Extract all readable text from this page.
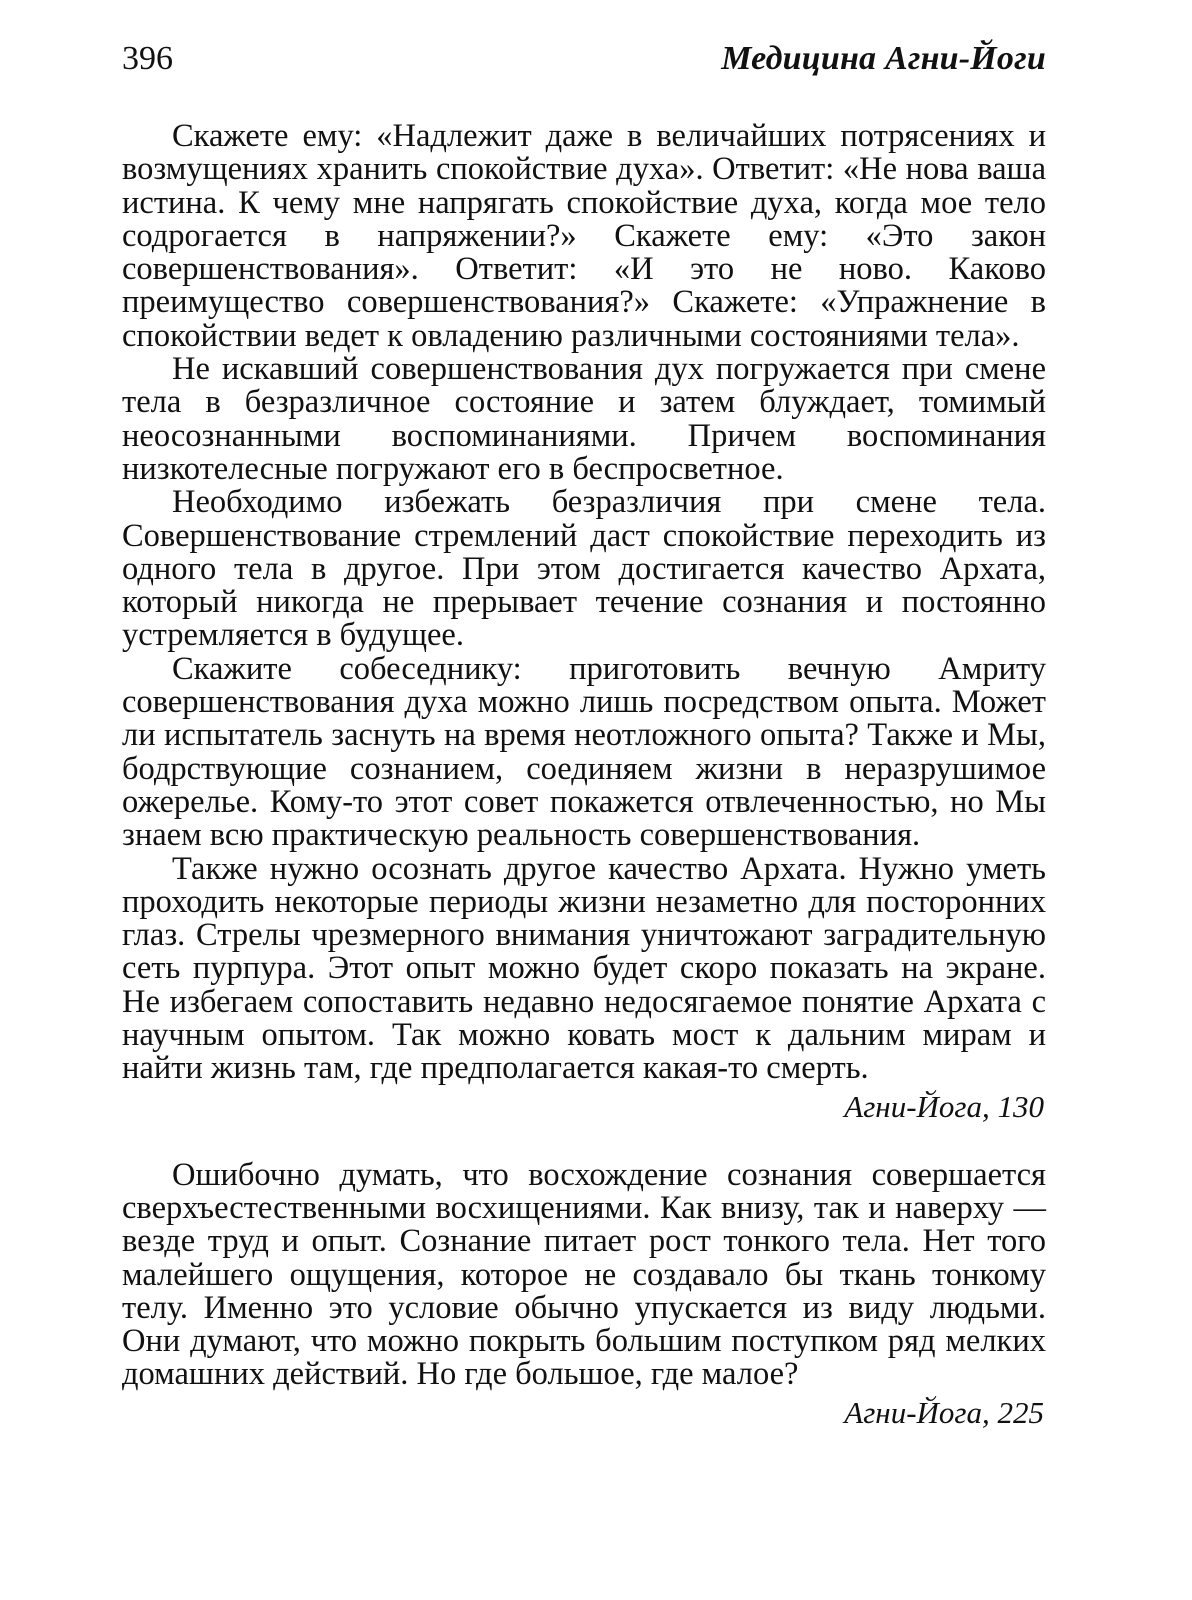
396	Медицина Агни-Йоги

Скажете ему: «Надлежит даже в величайших потрясениях и возмущениях хранить спокойствие духа». Ответит: «Не нова ваша истина. К чему мне напрягать спокойствие духа, когда мое тело содрогается в напряжении?» Скажете ему: «Это закон совершенствования». Ответит: «И это не ново. Каково преимущество совершенствования?» Скажете: «Упражнение в спокойствии ведет к овладению различными состояниями тела».

Не искавший совершенствования дух погружается при смене тела в безразличное состояние и затем блуждает, томимый неосознанными воспоминаниями. Причем воспоминания низкотелесные погружают его в беспросветное.

Необходимо избежать безразличия при смене тела. Совершенствование стремлений даст спокойствие переходить из одного тела в другое. При этом достигается качество Архата, который никогда не прерывает течение сознания и постоянно устремляется в будущее.

Скажите собеседнику: приготовить вечную Амриту совершенствования духа можно лишь посредством опыта. Может ли испытатель заснуть на время неотложного опыта? Также и Мы, бодрствующие сознанием, соединяем жизни в неразрушимое ожерелье. Кому-то этот совет покажется отвлеченностью, но Мы знаем всю практическую реальность совершенствования.

Также нужно осознать другое качество Архата. Нужно уметь проходить некоторые периоды жизни незаметно для посторонних глаз. Стрелы чрезмерного внимания уничтожают заградительную сеть пурпура. Этот опыт можно будет скоро показать на экране. Не избегаем сопоставить недавно недосягаемое понятие Архата с научным опытом. Так можно ковать мост к дальним мирам и найти жизнь там, где предполагается какая-то смерть.

Агни-Йога, 130

Ошибочно думать, что восхождение сознания совершается сверхъестественными восхищениями. Как внизу, так и наверху — везде труд и опыт. Сознание питает рост тонкого тела. Нет того малейшего ощущения, которое не создавало бы ткань тонкому телу. Именно это условие обычно упускается из виду людьми. Они думают, что можно покрыть большим поступком ряд мелких домашних действий. Но где большое, где малое?

Агни-Йога, 225
